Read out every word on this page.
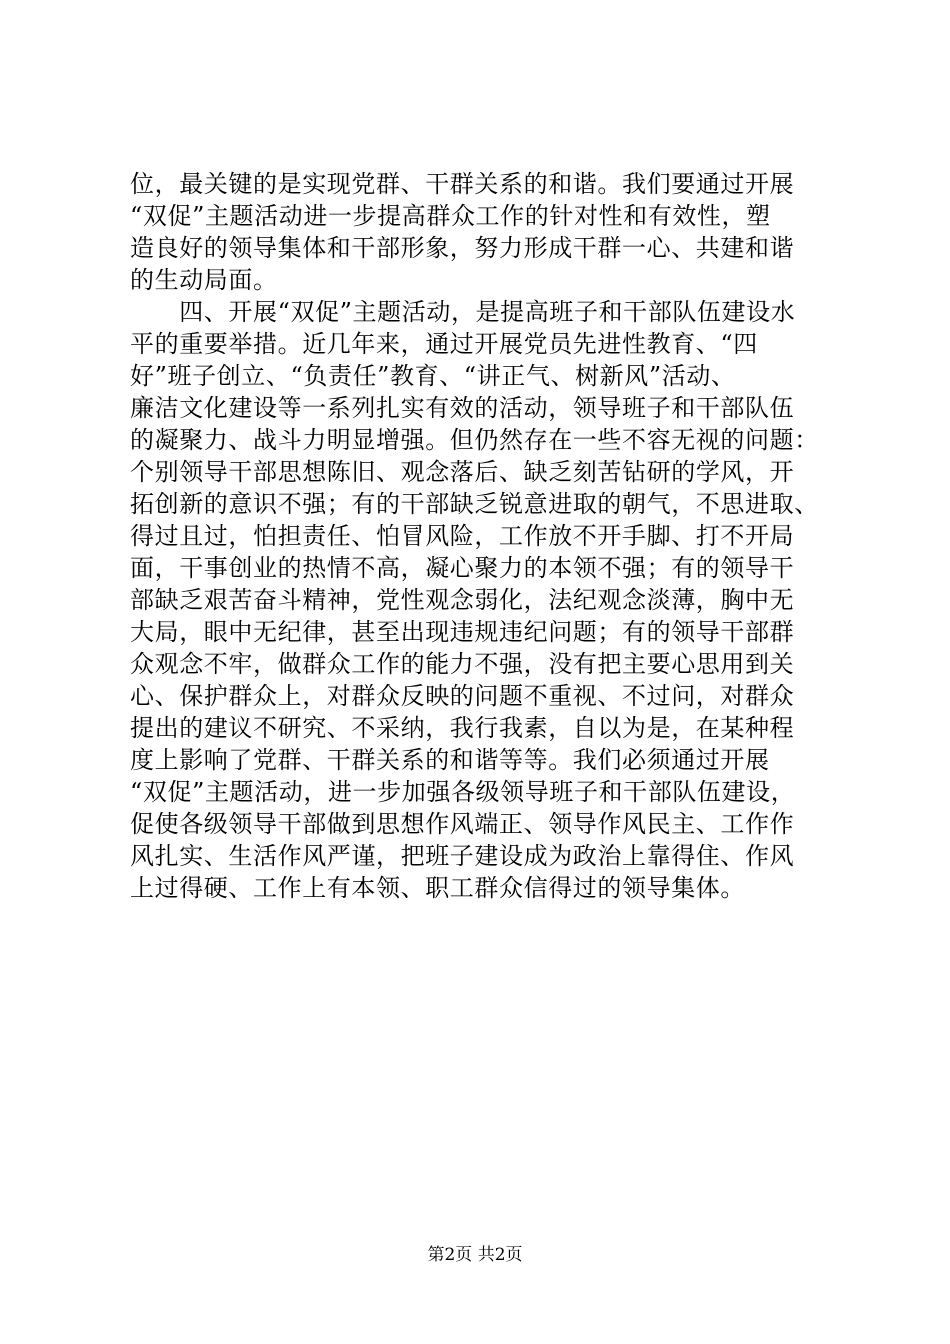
位，最关键的是实现党群、干群关系的和谐。我们要通过开展
“双促”主题活动进一步提高群众工作的针对性和有效性，塑
造良好的领导集体和干部形象，努力形成干群一心、共建和谐
的生动局面。
　　四、开展“双促”主题活动，是提高班子和干部队伍建设水
平的重要举措。近几年来，通过开展党员先进性教育、“四
好”班子创立、“负责任”教育、“讲正气、树新风”活动、
廉洁文化建设等一系列扎实有效的活动，领导班子和干部队伍
的凝聚力、战斗力明显增强。但仍然存在一些不容无视的问题：
个别领导干部思想陈旧、观念落后、缺乏刻苦钻研的学风，开
拓创新的意识不强；有的干部缺乏锐意进取的朝气，不思进取、
得过且过，怕担责任、怕冒风险，工作放不开手脚、打不开局
面，干事创业的热情不高，凝心聚力的本领不强；有的领导干
部缺乏艰苦奋斗精神，党性观念弱化，法纪观念淡薄，胸中无
大局，眼中无纪律，甚至出现违规违纪问题；有的领导干部群
众观念不牢，做群众工作的能力不强，没有把主要心思用到关
心、保护群众上，对群众反映的问题不重视、不过问，对群众
提出的建议不研究、不采纳，我行我素，自以为是，在某种程
度上影响了党群、干群关系的和谐等等。我们必须通过开展
“双促”主题活动，进一步加强各级领导班子和干部队伍建设，
促使各级领导干部做到思想作风端正、领导作风民主、工作作
风扎实、生活作风严谨，把班子建设成为政治上靠得住、作风
上过得硬、工作上有本领、职工群众信得过的领导集体。
第2页 共2页
